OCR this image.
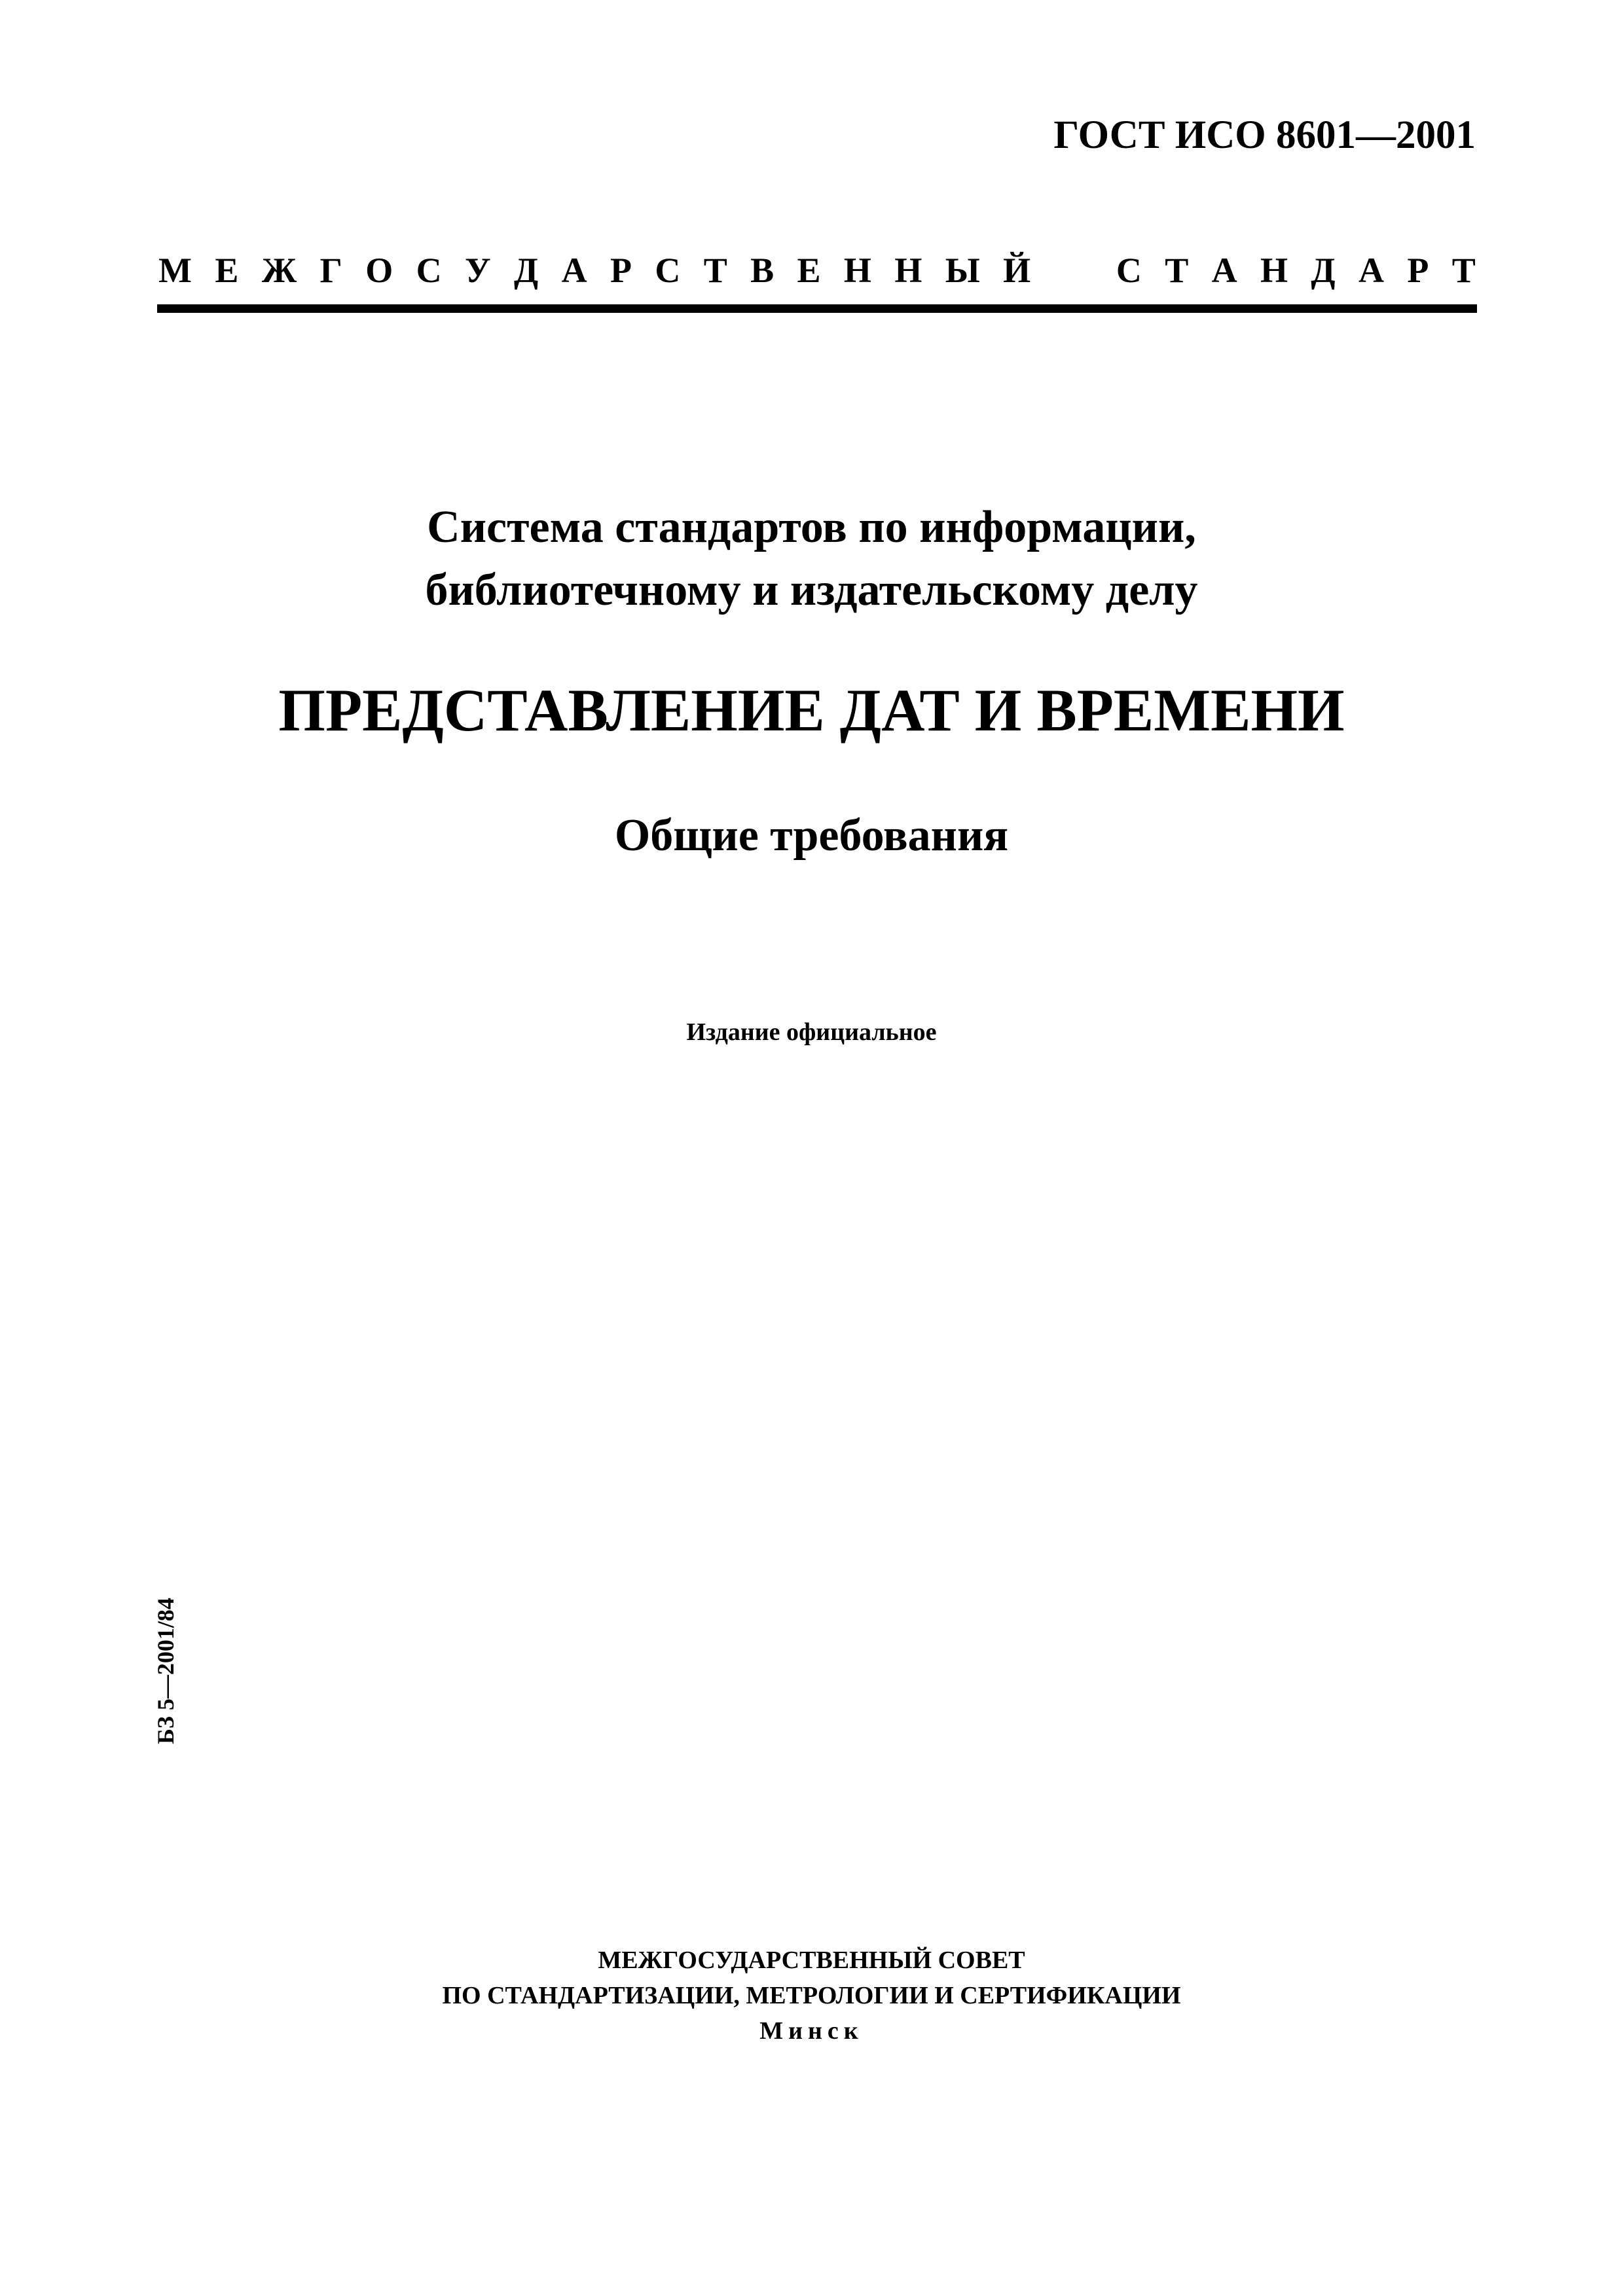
ГОСТ ИСО 8601—2001
М Е Ж Г О С У Д А Р С Т В Е Н Н Ы Й С Т А Н Д А Р Т
Система стандартов по информации,
библиотечному и издательскому делу
ПРЕДСТАВЛЕНИЕ ДАТ И ВРЕМЕНИ
Общие требования
Издание официальное
БЗ 5—2001/84
МЕЖГОСУДАРСТВЕННЫЙ СОВЕТ
ПО СТАНДАРТИЗАЦИИ, МЕТРОЛОГИИ И СЕРТИФИКАЦИИ
Минск
